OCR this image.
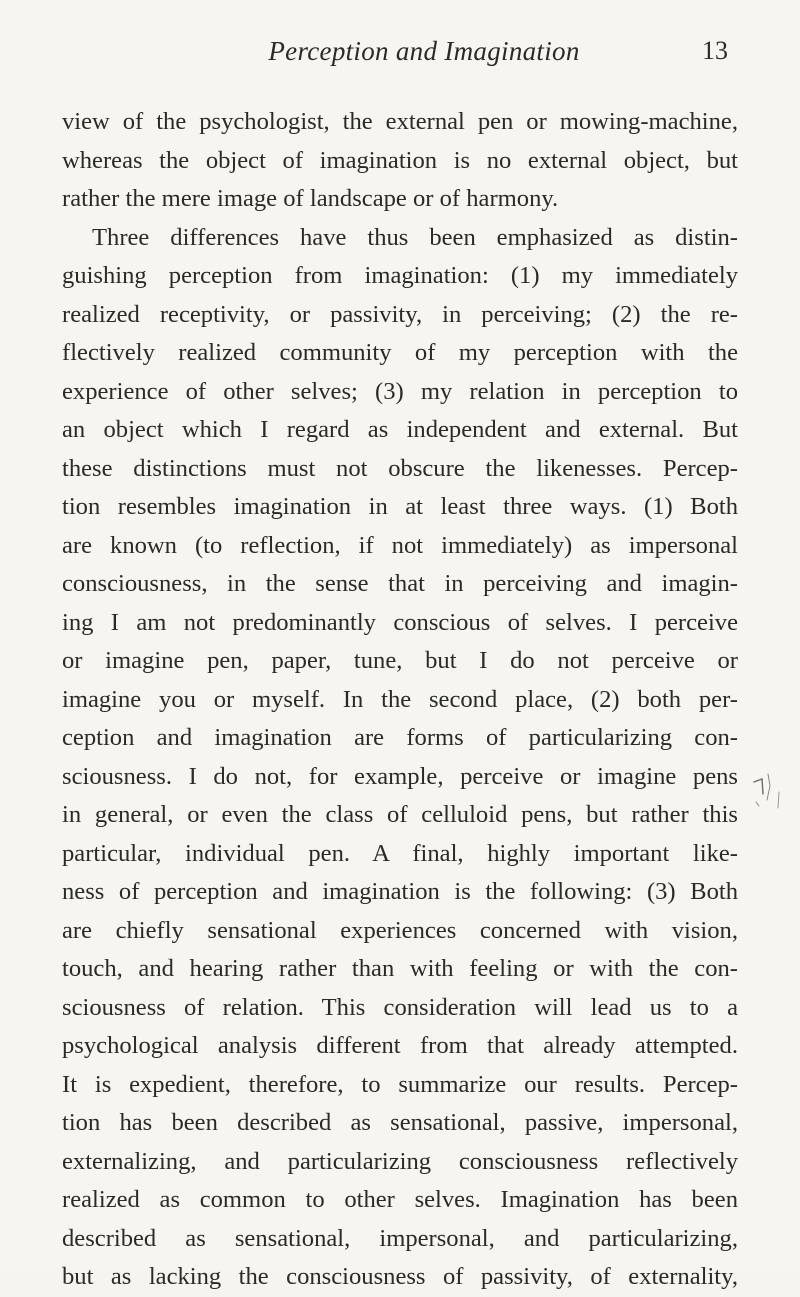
Perception and Imagination	13
view of the psychologist, the external pen or mowing-machine,
whereas the object of imagination is no external object, but
rather the mere image of landscape or of harmony.
Three differences have thus been emphasized as distin-
guishing perception from imagination: (1) my immediately
realized receptivity, or passivity, in perceiving; (2) the re-
flectively realized community of my perception with the
experience of other selves; (3) my relation in perception to
an object which I regard as independent and external. But
these distinctions must not obscure the likenesses. Percep-
tion resembles imagination in at least three ways. (1) Both
are known (to reflection, if not immediately) as impersonal
consciousness, in the sense that in perceiving and imagin-
ing I am not predominantly conscious of selves. I perceive
or imagine pen, paper, tune, but I do not perceive or
imagine you or myself. In the second place, (2) both per-
ception and imagination are forms of particularizing con-
sciousness. I do not, for example, perceive or imagine pens
in general, or even the class of celluloid pens, but rather this
particular, individual pen. A final, highly important like-
ness of perception and imagination is the following: (3) Both
are chiefly sensational experiences concerned with vision,
touch, and hearing rather than with feeling or with the con-
sciousness of relation. This consideration will lead us to a
psychological analysis different from that already attempted.
It is expedient, therefore, to summarize our results. Percep-
tion has been described as sensational, passive, impersonal,
externalizing, and particularizing consciousness reflectively
realized as common to other selves. Imagination has been
described as sensational, impersonal, and particularizing,
but as lacking the consciousness of passivity, of externality,
